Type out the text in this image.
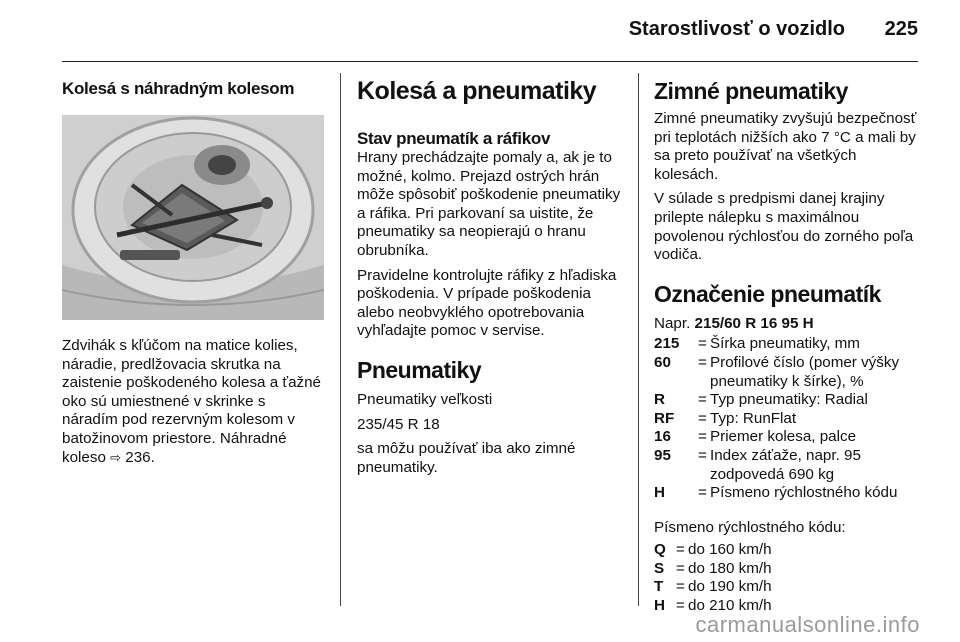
Starostlivosť o vozidlo 225
Kolesá s náhradným kolesom

Zdvihák s kľúčom na matice kolies, náradie, predlžovacia skrutka na zaistenie poškodeného kolesa a ťažné oko sú umiestnené v skrinke s náradím pod rezervným kolesom v batožinovom priestore. Náhradné koleso ⇨ 236.

Kolesá a pneumatiky
Stav pneumatík a ráfikov

Hrany prechádzajte pomaly a, ak je to možné, kolmo. Prejazd ostrých hrán môže spôsobiť poškodenie pneumatiky a ráfika. Pri parkovaní sa uistite, že pneumatiky sa neopierajú o hranu obrubníka.

Pravidelne kontrolujte ráfiky z hľadiska poškodenia. V prípade poškodenia alebo neobvyklého opotrebovania vyhľadajte pomoc v servise.

Pneumatiky

Pneumatiky veľkosti

235/45 R 18

sa môžu používať iba ako zimné pneumatiky.

Zimné pneumatiky

Zimné pneumatiky zvyšujú bezpečnosť pri teplotách nižších ako 7 °C a mali by sa preto používať na všetkých kolesách.

V súlade s predpismi danej krajiny prilepte nálepku s maximálnou povolenou rýchlosťou do zorného poľa vodiča.

Označenie pneumatík

Napr. 215/60 R 16 95 H

215	= Šírka pneumatiky, mm
60	= Profilové číslo (pomer výšky pneumatiky k šírke), %
R	= Typ pneumatiky: Radial
RF	= Typ: RunFlat
16	= Priemer kolesa, palce
95	= Index záťaže, napr. 95 zodpovedá 690 kg
H	= Písmeno rýchlostného kódu

Písmeno rýchlostného kódu:

Q = do 160 km/h
S = do 180 km/h
T = do 190 km/h
H = do 210 km/h
carmanualsonline.info
